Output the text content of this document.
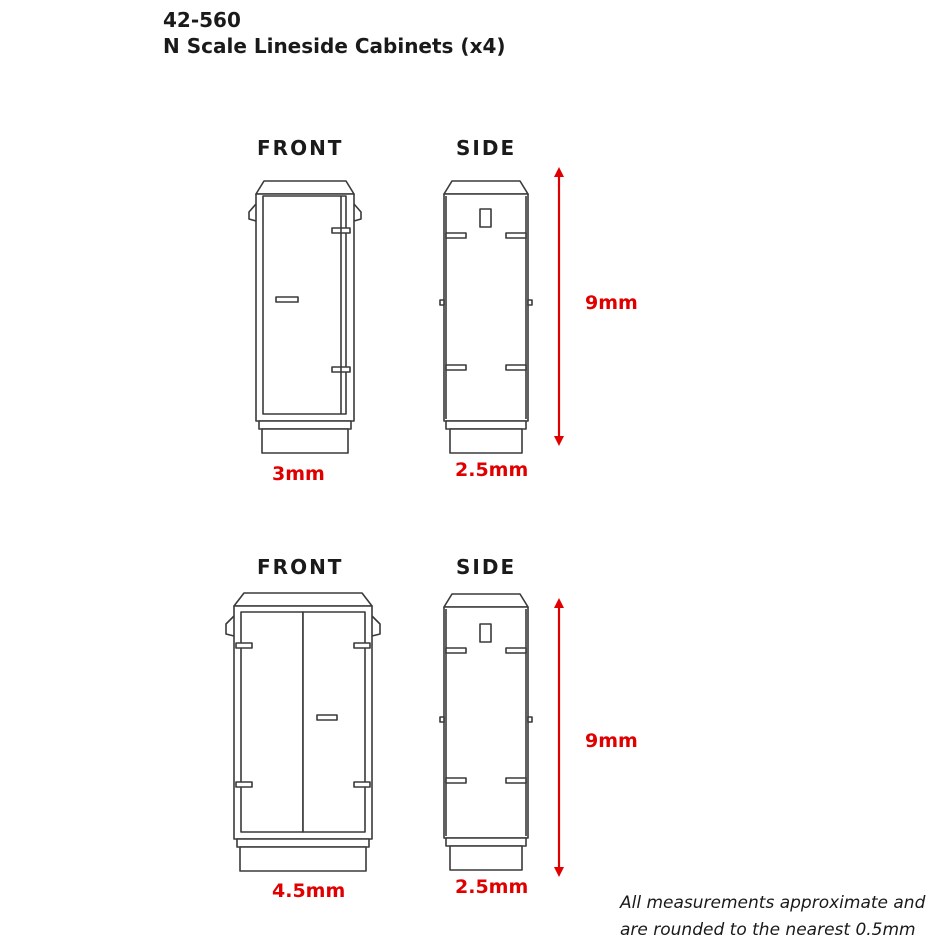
42-560
N Scale Lineside Cabinets (x4)
FRONT	SIDE
3mm	2.5mm
9mm
FRONT	SIDE
4.5mm	2.5mm
9mm
All measurements approximate and
are rounded to the nearest 0.5mm
